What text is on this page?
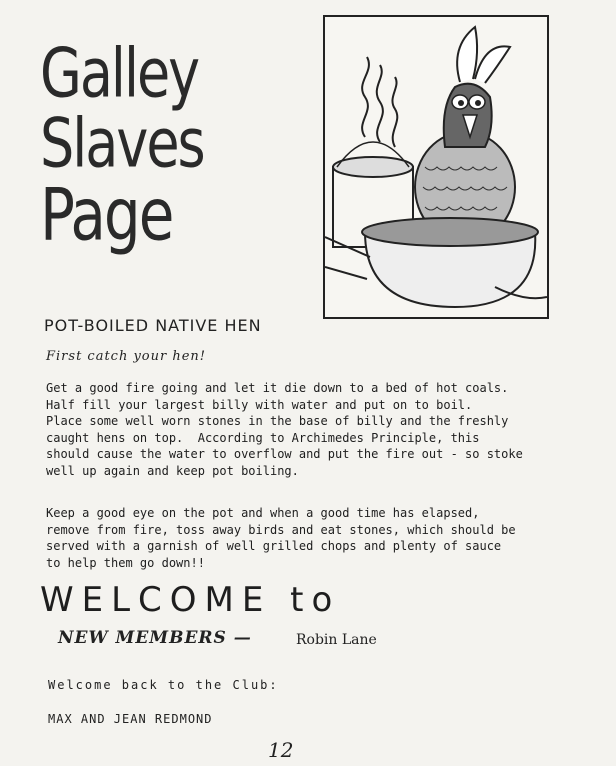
Galley
Slaves
Page
POT-BOILED NATIVE HEN
First catch your hen!
Get a good fire going and let it die down to a bed of hot coals.
Half fill your largest billy with water and put on to boil.
Place some well worn stones in the base of billy and the freshly
caught hens on top.  According to Archimedes Principle, this
should cause the water to overflow and put the fire out - so stoke
well up again and keep pot boiling.
Keep a good eye on the pot and when a good time has elapsed,
remove from fire, toss away birds and eat stones, which should be
served with a garnish of well grilled chops and plenty of sauce
to help them go down!!
WELCOME to
NEW MEMBERS —	Robin Lane
Welcome back to the Club:
MAX AND JEAN REDMOND
12
